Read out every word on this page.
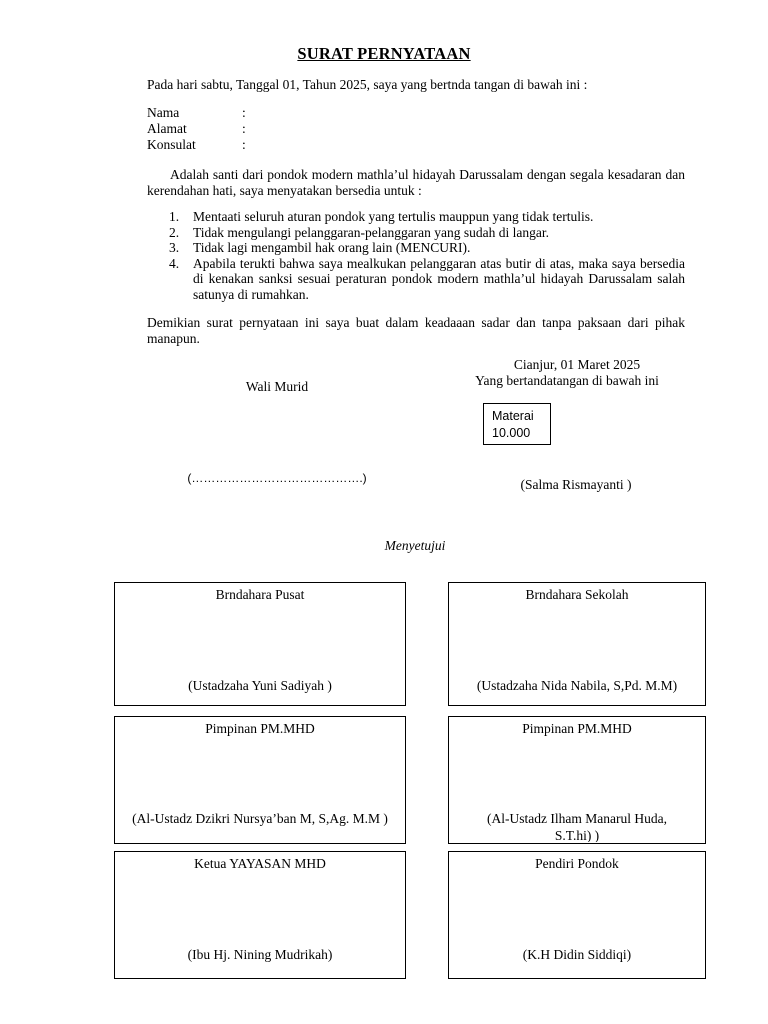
SURAT PERNYATAAN
Pada hari sabtu, Tanggal 01, Tahun 2025, saya yang bertnda tangan di bawah ini :
Nama	:
Alamat	:
Konsulat	:
Adalah santi dari pondok modern mathla’ul hidayah Darussalam dengan segala kesadaran dan kerendahan hati, saya menyatakan bersedia untuk :
1. Mentaati seluruh aturan pondok yang tertulis mauppun yang tidak tertulis.
2. Tidak mengulangi pelanggaran-pelanggaran yang sudah di langar.
3. Tidak lagi mengambil hak orang lain (MENCURI).
4. Apabila terukti bahwa saya mealkukan pelanggaran atas butir di atas, maka saya bersedia di kenakan sanksi sesuai peraturan pondok modern mathla’ul hidayah Darussalam salah satunya di rumahkan.
Demikian surat pernyataan ini saya buat dalam keadaaan sadar dan tanpa paksaan dari pihak manapun.
Cianjur, 01 Maret 2025
Yang bertandatangan di bawah ini
Wali Murid
Materai
10.000
(…………………………………….)	(Salma Rismayanti )
Menyetujui
Brndahara Pusat
(Ustadzaha Yuni Sadiyah )
Brndahara Sekolah
(Ustadzaha Nida Nabila, S,Pd. M.M)
Pimpinan PM.MHD
(Al-Ustadz Dzikri Nursya’ban M, S,Ag. M.M )
Pimpinan PM.MHD
(Al-Ustadz Ilham Manarul Huda, S.T.hi) )
Ketua YAYASAN MHD
(Ibu Hj. Nining Mudrikah)
Pendiri Pondok
(K.H Didin Siddiqi)
